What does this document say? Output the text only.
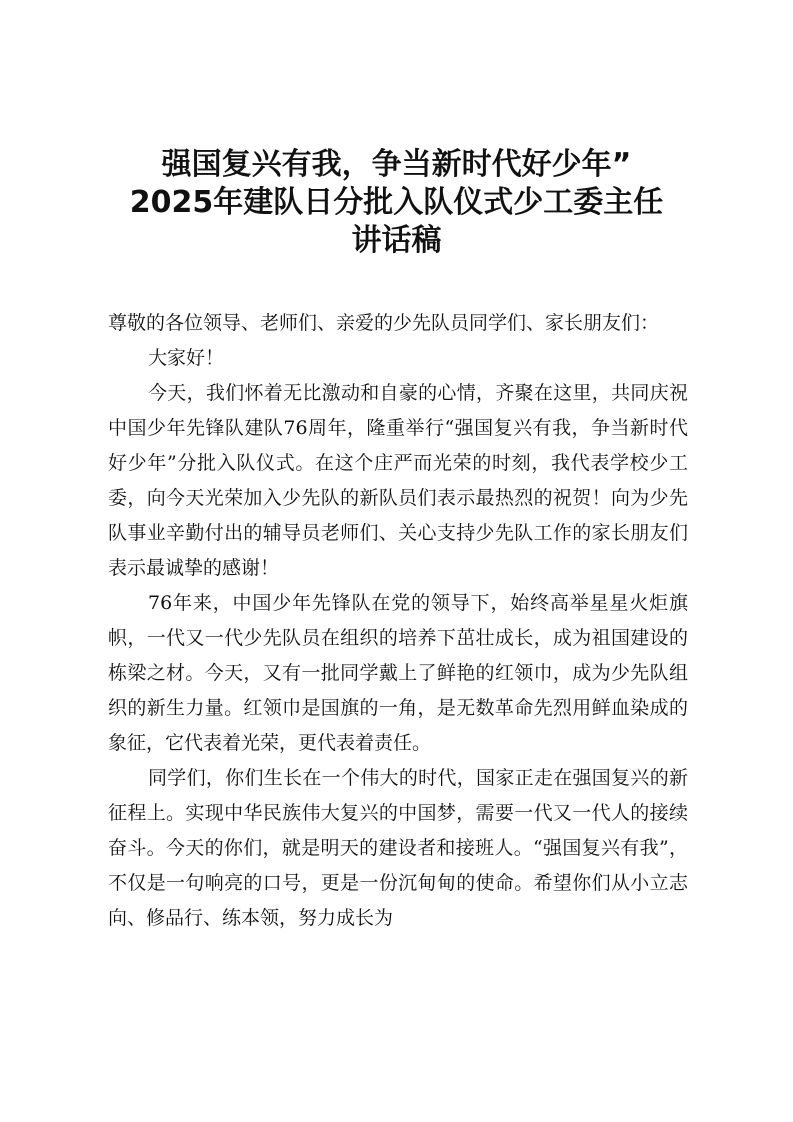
强国复兴有我，争当新时代好少年”
2025年建队日分批入队仪式少工委主任
讲话稿

尊敬的各位领导、老师们、亲爱的少先队员同学们、家长朋友们：

大家好！

今天，我们怀着无比激动和自豪的心情，齐聚在这里，共同庆祝中国少年先锋队建队76周年，隆重举行“强国复兴有我，争当新时代好少年”分批入队仪式。在这个庄严而光荣的时刻，我代表学校少工委，向今天光荣加入少先队的新队员们表示最热烈的祝贺！向为少先队事业辛勤付出的辅导员老师们、关心支持少先队工作的家长朋友们表示最诚挚的感谢！

76年来，中国少年先锋队在党的领导下，始终高举星星火炬旗帜，一代又一代少先队员在组织的培养下茁壮成长，成为祖国建设的栋梁之材。今天，又有一批同学戴上了鲜艳的红领巾，成为少先队组织的新生力量。红领巾是国旗的一角，是无数革命先烈用鲜血染成的象征，它代表着光荣，更代表着责任。

同学们，你们生长在一个伟大的时代，国家正走在强国复兴的新征程上。实现中华民族伟大复兴的中国梦，需要一代又一代人的接续奋斗。今天的你们，就是明天的建设者和接班人。“强国复兴有我”，不仅是一句响亮的口号，更是一份沉甸甸的使命。希望你们从小立志向、修品行、练本领，努力成长为
